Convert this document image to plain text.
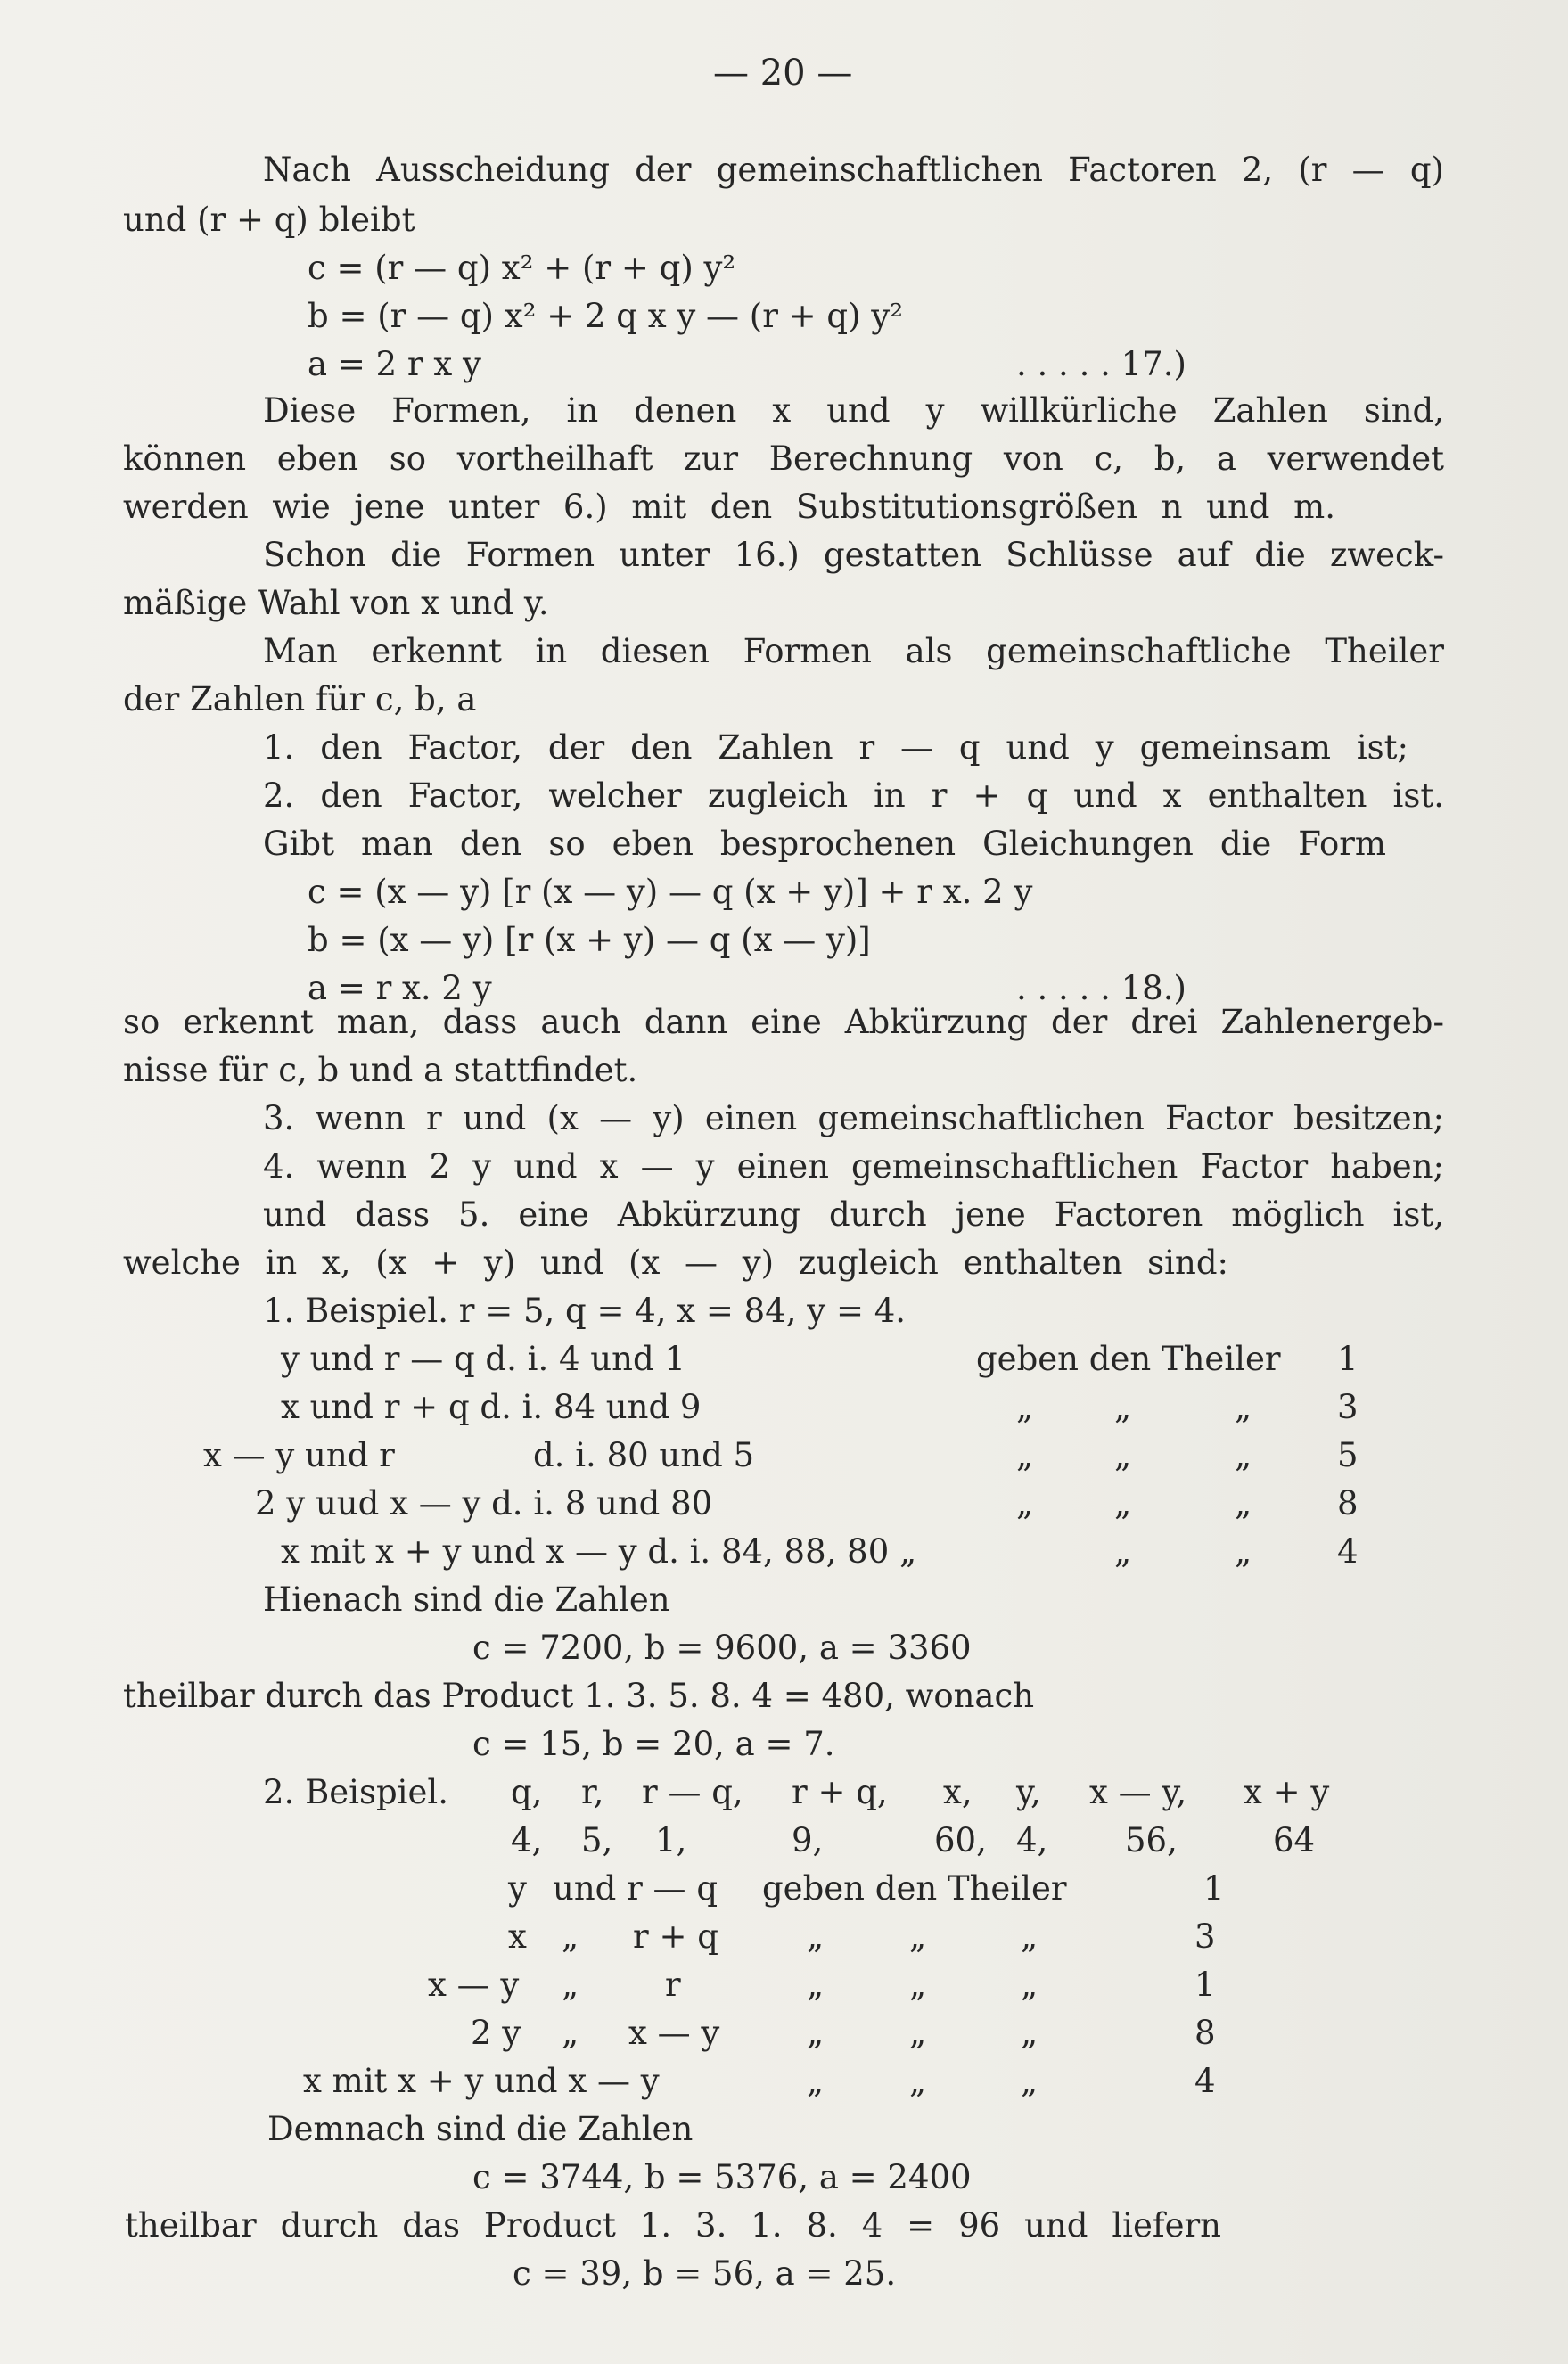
— 20 —
Nach Ausscheidung der gemeinschaftlichen Factoren 2, (r — q)
und (r + q) bleibt
c = (r — q) x² + (r + q) y²
b = (r — q) x² + 2 q x y — (r + q) y²
a = 2 r x y	. . . . . 17.)
Diese Formen, in denen x und y willkürliche Zahlen sind,
können eben so vortheilhaft zur Berechnung von c, b, a verwendet
werden wie jene unter 6.) mit den Substitutionsgrößen n und m.
Schon die Formen unter 16.) gestatten Schlüsse auf die zweck-
mäßige Wahl von x und y.
Man erkennt in diesen Formen als gemeinschaftliche Theiler
der Zahlen für c, b, a
1. den Factor, der den Zahlen r — q und y gemeinsam ist;
2. den Factor, welcher zugleich in r + q und x enthalten ist.
Gibt man den so eben besprochenen Gleichungen die Form
c = (x — y) [r (x — y) — q (x + y)] + r x. 2 y
b = (x — y) [r (x + y) — q (x — y)]
a = r x. 2 y	. . . . . 18.)
so erkennt man, dass auch dann eine Abkürzung der drei Zahlenergeb-
nisse für c, b und a stattfindet.
3. wenn r und (x — y) einen gemeinschaftlichen Factor besitzen;
4. wenn 2 y und x — y einen gemeinschaftlichen Factor haben;
und dass 5. eine Abkürzung durch jene Factoren möglich ist,
welche in x, (x + y) und (x — y) zugleich enthalten sind:
1. Beispiel. r = 5, q = 4, x = 84, y = 4.
y und r — q d. i. 4 und 1	geben den Theiler 1
x und r + q d. i. 84 und 9	„ „	„	3
x — y und r	d. i. 80 und 5	„ „	„	5
2 y uud x — y d. i. 8 und 80	„ „	„	8
x mit x + y und x — y d. i. 84, 88, 80 „	„	„	4
Hienach sind die Zahlen
c = 7200, b = 9600, a = 3360
theilbar durch das Product 1. 3. 5. 8. 4 = 480, wonach
c = 15, b = 20, a = 7.
2. Beispiel. q, r, r — q, r + q, x, y, x — y, x + y
4, 5, 1,	9,	60, 4, 56,	64
y und r — q geben den Theiler	1
x „ r + q	„	„	„	3
x — y „	r	„	„	„	1
2 y „ x — y	„	„	„	8
x mit x + y und x — y	„	„	„	4
Demnach sind die Zahlen
c = 3744, b = 5376, a = 2400
theilbar durch das Product 1. 3. 1. 8. 4 = 96 und liefern
c = 39, b = 56, a = 25.
